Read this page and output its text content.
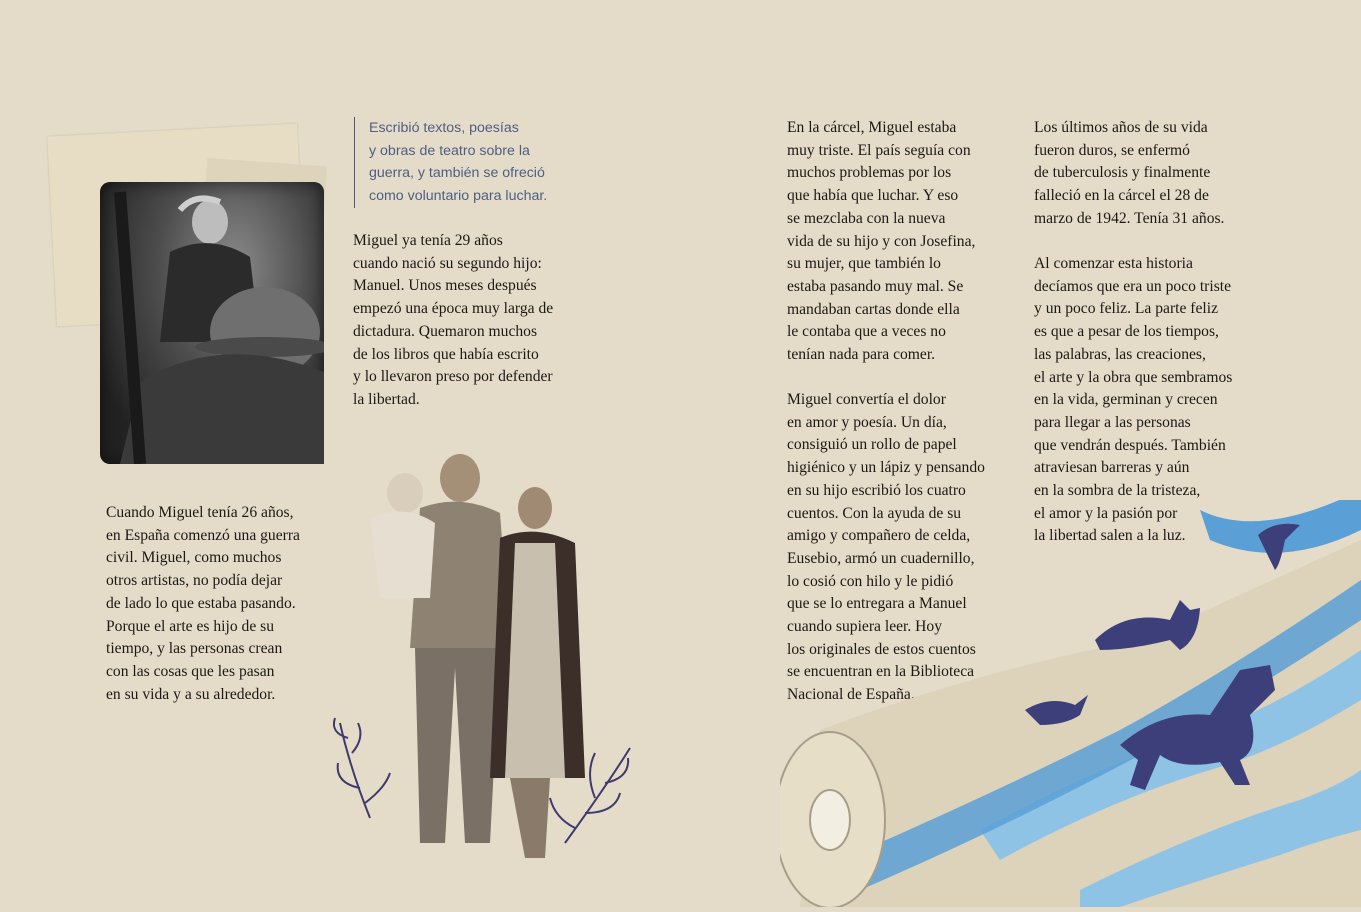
Escribió textos, poesías
y obras de teatro sobre la
guerra, y también se ofreció
como voluntario para luchar.

Miguel ya tenía 29 años
cuando nació su segundo hijo:
Manuel. Unos meses después
empezó una época muy larga de
dictadura. Quemaron muchos
de los libros que había escrito
y lo llevaron preso por defender
la libertad.

Cuando Miguel tenía 26 años,
en España comenzó una guerra
civil. Miguel, como muchos
otros artistas, no podía dejar
de lado lo que estaba pasando.
Porque el arte es hijo de su
tiempo, y las personas crean
con las cosas que les pasan
en su vida y a su alrededor.

En la cárcel, Miguel estaba
muy triste. El país seguía con
muchos problemas por los
que había que luchar. Y eso
se mezclaba con la nueva
vida de su hijo y con Josefina,
su mujer, que también lo
estaba pasando muy mal. Se
mandaban cartas donde ella
le contaba que a veces no
tenían nada para comer.

Miguel convertía el dolor
en amor y poesía. Un día,
consiguió un rollo de papel
higiénico y un lápiz y pensando
en su hijo escribió los cuatro
cuentos. Con la ayuda de su
amigo y compañero de celda,
Eusebio, armó un cuadernillo,
lo cosió con hilo y le pidió
que se lo entregara a Manuel
cuando supiera leer. Hoy
los originales de estos cuentos
se encuentran en la Biblioteca
Nacional de España.

Los últimos años de su vida
fueron duros, se enfermó
de tuberculosis y finalmente
falleció en la cárcel el 28 de
marzo de 1942. Tenía 31 años.

Al comenzar esta historia
decíamos que era un poco triste
y un poco feliz. La parte feliz
es que a pesar de los tiempos,
las palabras, las creaciones,
el arte y la obra que sembramos
en la vida, germinan y crecen
para llegar a las personas
que vendrán después. También
atraviesan barreras y aún
en la sombra de la tristeza,
el amor y la pasión por
la libertad salen a la luz.
